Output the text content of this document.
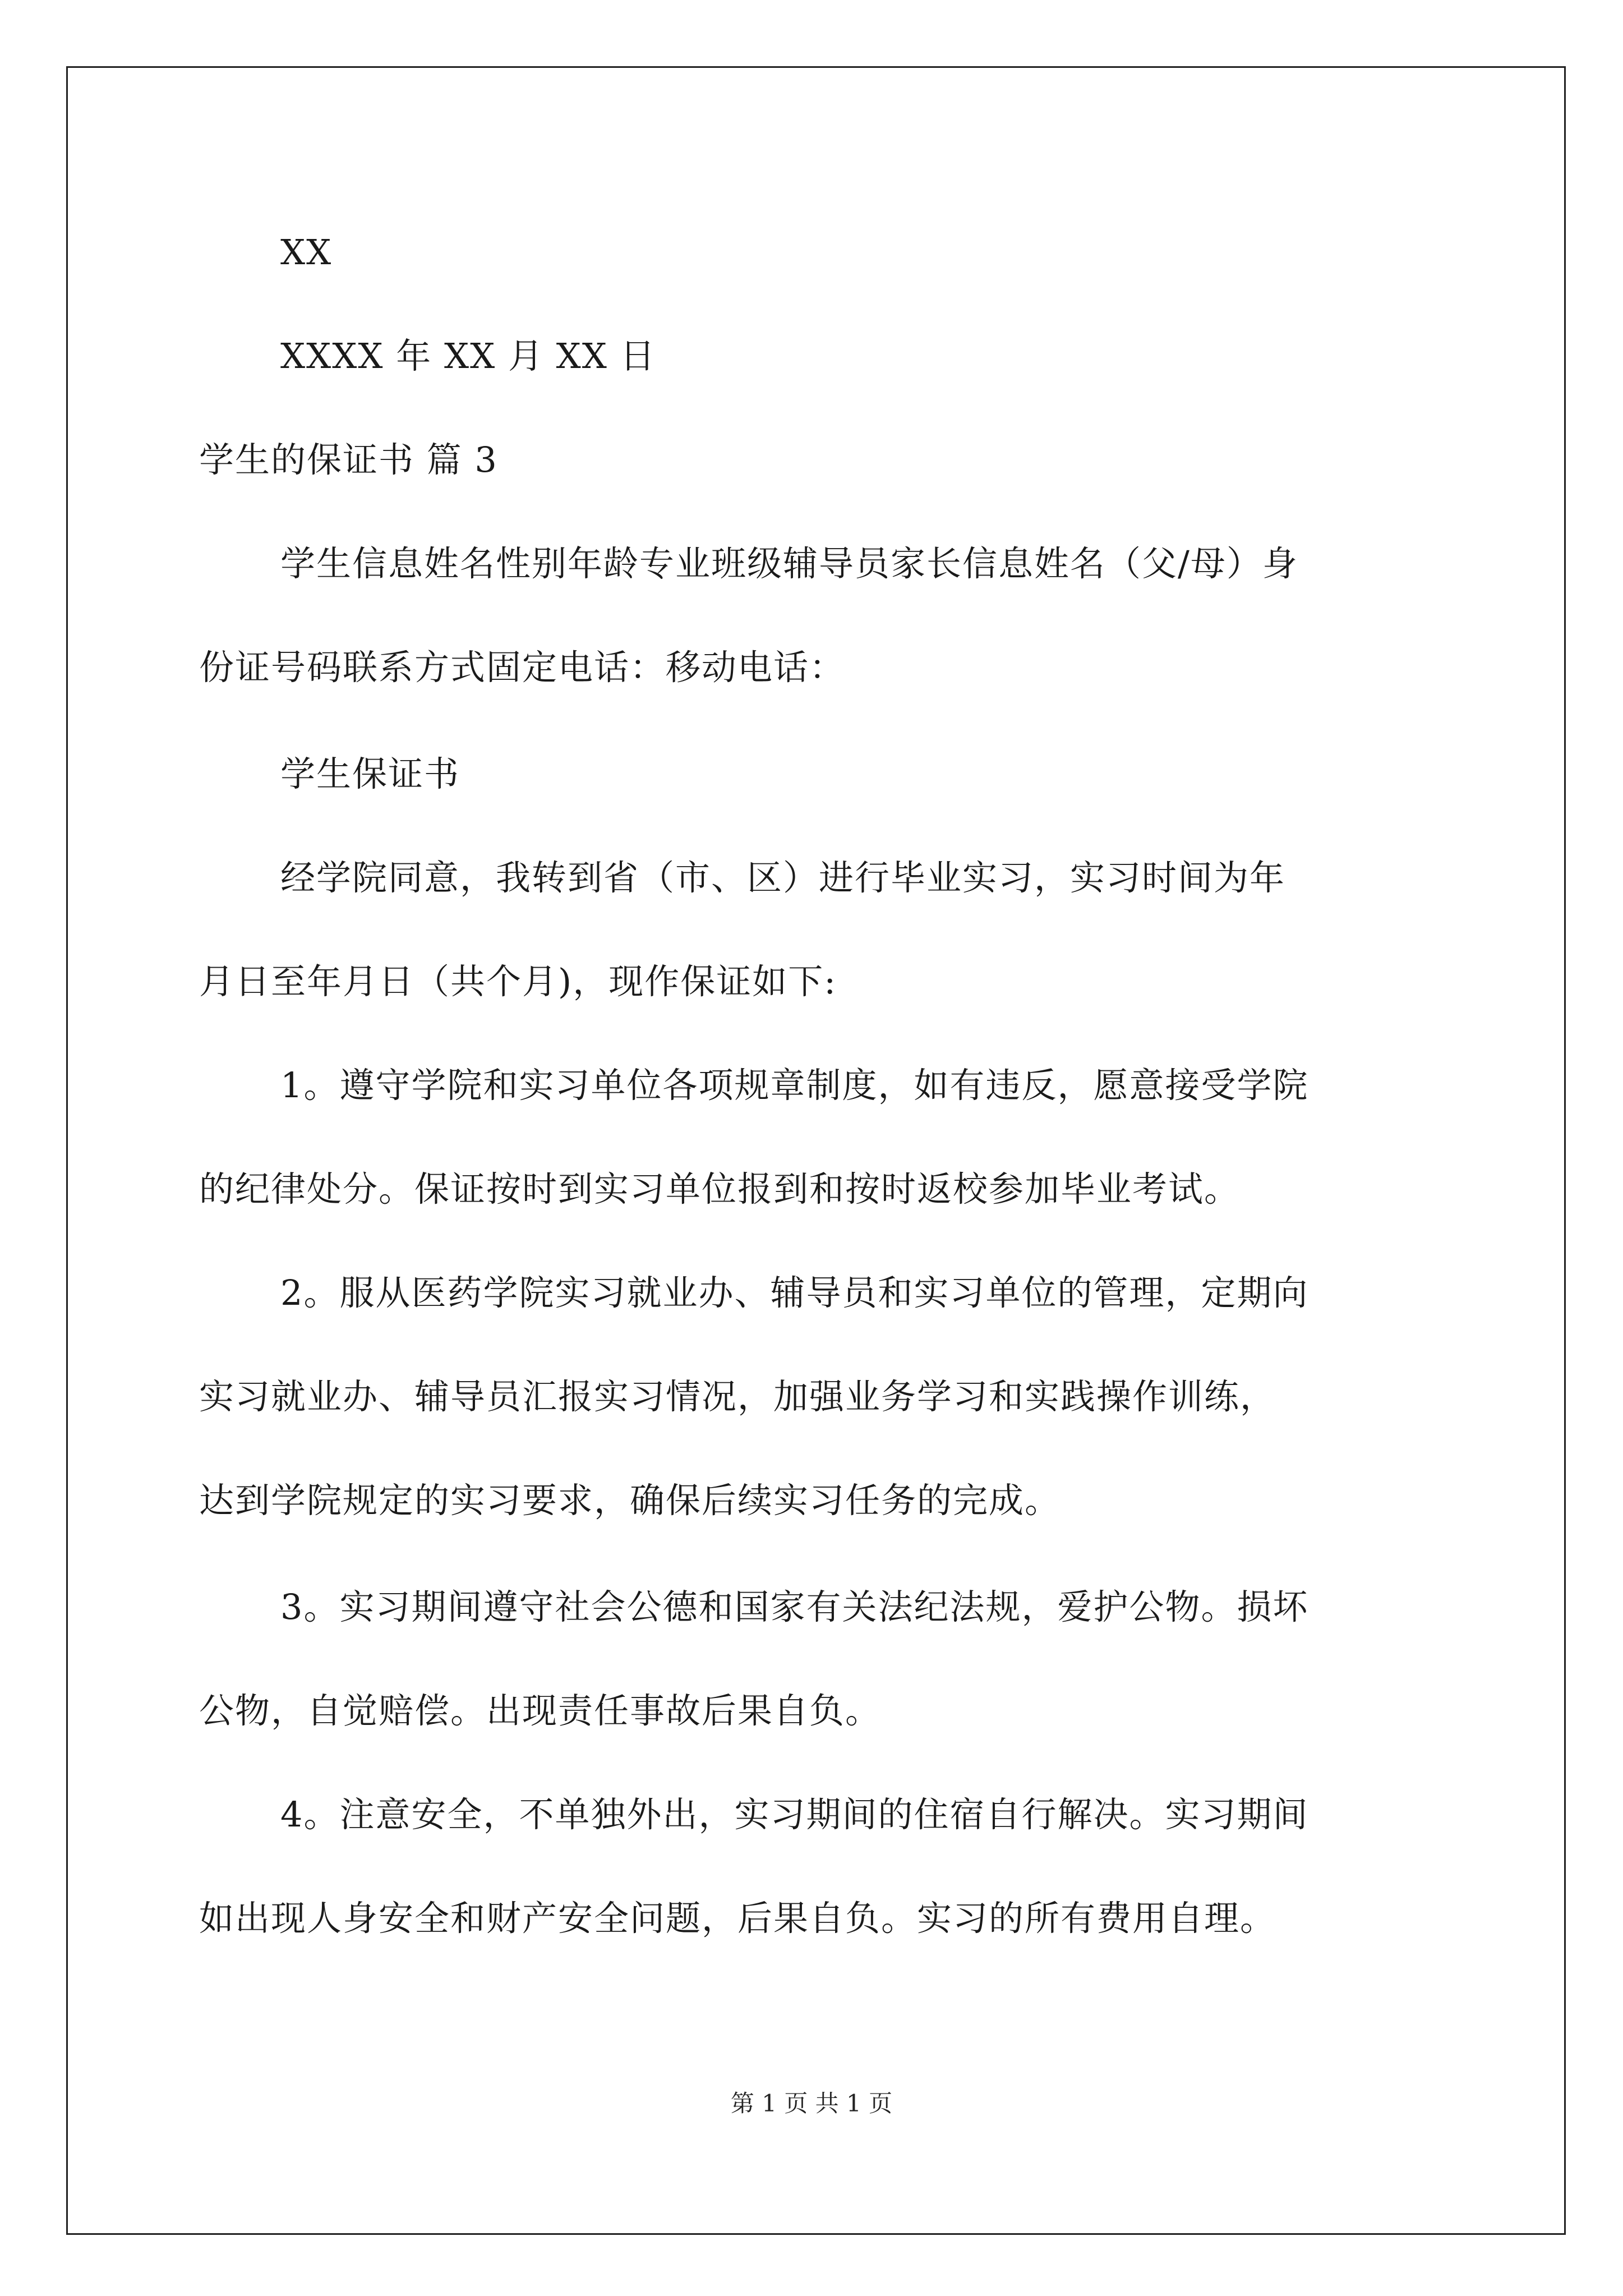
XX
XXXX 年 XX 月 XX 日
学生的保证书 篇 3
学生信息姓名性别年龄专业班级辅导员家长信息姓名（父/母）身
份证号码联系方式固定电话：移动电话：
学生保证书
经学院同意，我转到省（市、区）进行毕业实习，实习时间为年
月日至年月日（共个月)，现作保证如下:
1。遵守学院和实习单位各项规章制度，如有违反，愿意接受学院
的纪律处分。保证按时到实习单位报到和按时返校参加毕业考试。
2。服从医药学院实习就业办、辅导员和实习单位的管理，定期向
实习就业办、辅导员汇报实习情况，加强业务学习和实践操作训练，
达到学院规定的实习要求，确保后续实习任务的完成。
3。实习期间遵守社会公德和国家有关法纪法规，爱护公物。损坏
公物，自觉赔偿。出现责任事故后果自负。
4。注意安全，不单独外出，实习期间的住宿自行解决。实习期间
如出现人身安全和财产安全问题，后果自负。实习的所有费用自理。
第 1 页 共 1 页
